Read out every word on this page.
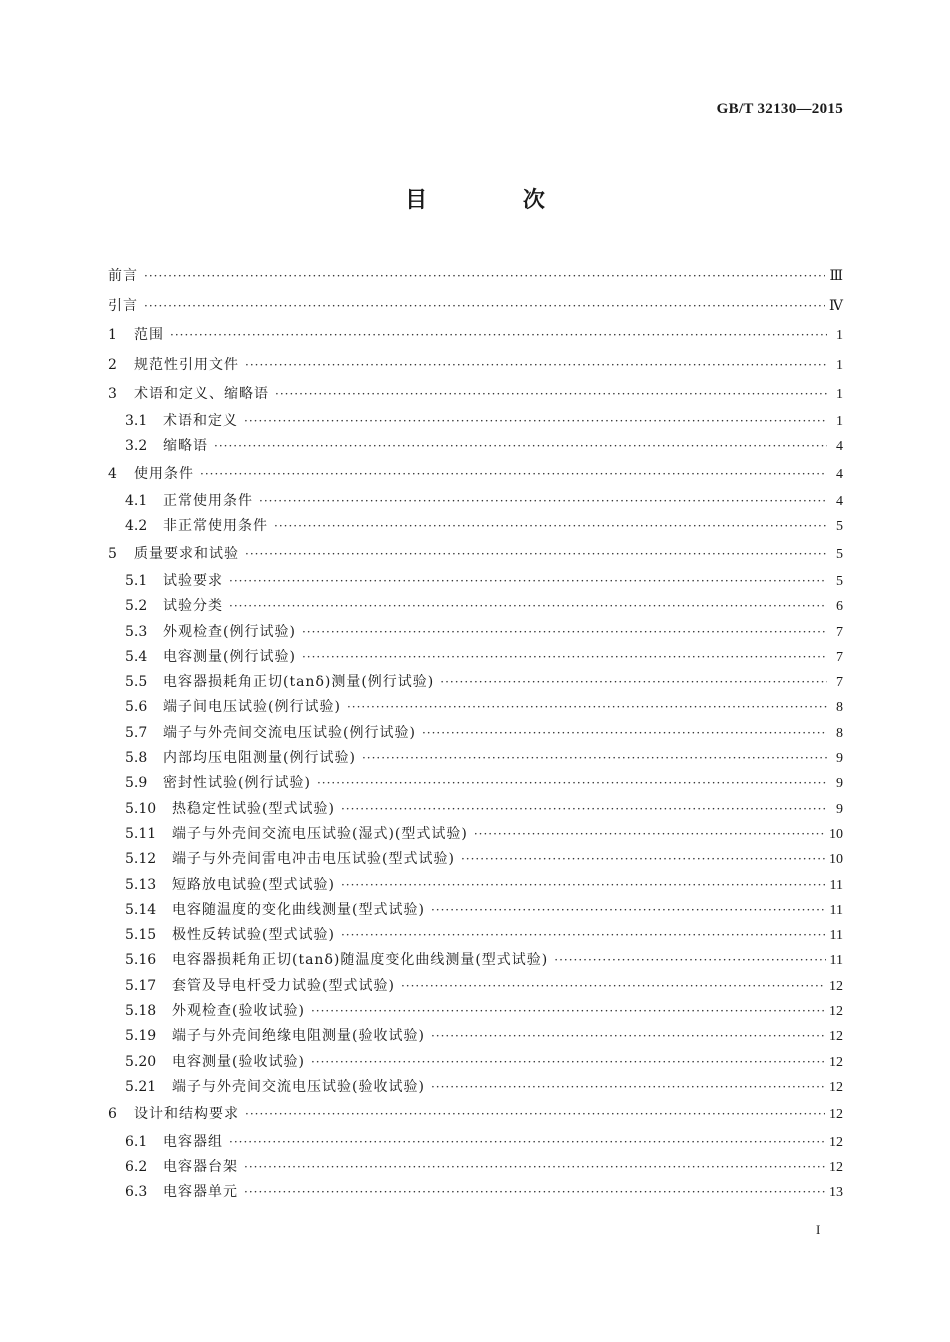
GB/T 32130—2015
目 次
前言 ·····	Ⅲ
引言 ·····	Ⅳ
1	范围 ·····	1
2	规范性引用文件 ·····	1
3	术语和定义、缩略语 ·····	1
3.1	术语和定义 ·····	1
3.2	缩略语 ·····	4
4	使用条件 ·····	4
4.1	正常使用条件 ·····	4
4.2	非正常使用条件 ·····	5
5	质量要求和试验 ·····	5
5.1	试验要求 ·····	5
5.2	试验分类 ·····	6
5.3	外观检查(例行试验) ·····	7
5.4	电容测量(例行试验) ·····	7
5.5	电容器损耗角正切(tanδ)测量(例行试验) ·····	7
5.6	端子间电压试验(例行试验) ·····	8
5.7	端子与外壳间交流电压试验(例行试验) ·····	8
5.8	内部均压电阻测量(例行试验) ·····	9
5.9	密封性试验(例行试验) ·····	9
5.10	热稳定性试验(型式试验) ·····	9
5.11	端子与外壳间交流电压试验(湿式)(型式试验) ·····	10
5.12	端子与外壳间雷电冲击电压试验(型式试验) ·····	10
5.13	短路放电试验(型式试验) ·····	11
5.14	电容随温度的变化曲线测量(型式试验) ·····	11
5.15	极性反转试验(型式试验) ·····	11
5.16	电容器损耗角正切(tanδ)随温度变化曲线测量(型式试验) ·····	11
5.17	套管及导电杆受力试验(型式试验) ·····	12
5.18	外观检查(验收试验) ·····	12
5.19	端子与外壳间绝缘电阻测量(验收试验) ·····	12
5.20	电容测量(验收试验) ·····	12
5.21	端子与外壳间交流电压试验(验收试验) ·····	12
6	设计和结构要求 ·····	12
6.1	电容器组 ·····	12
6.2	电容器台架 ·····	12
6.3	电容器单元 ·····	13
I
